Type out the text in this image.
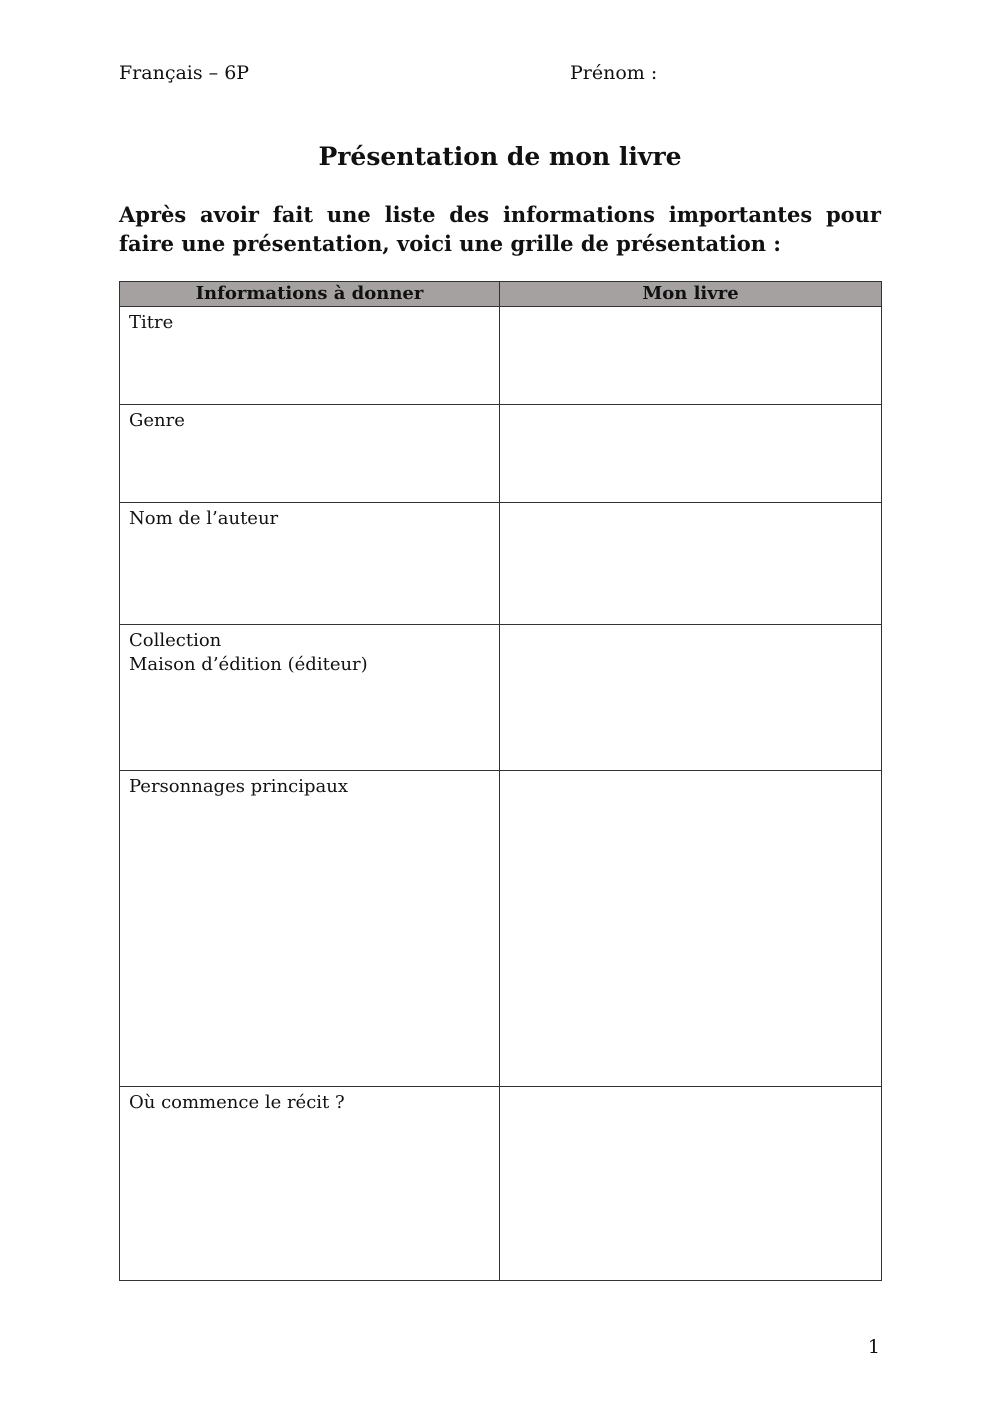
Français – 6P	Prénom :
Présentation de mon livre
Après avoir fait une liste des informations importantes pour faire une présentation, voici une grille de présentation :
Informations à donner	Mon livre

Titre	

Genre	

Nom de l’auteur	

Collection
Maison d’édition (éditeur)	

Personnages principaux	

Où commence le récit ?	

1
